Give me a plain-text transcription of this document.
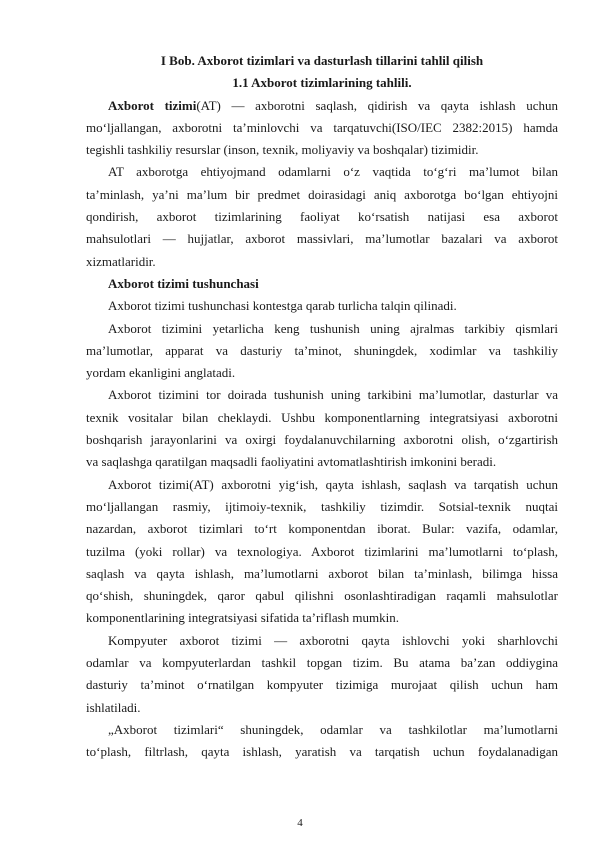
I Bob. Axborot tizimlari va dasturlash tillarini tahlil qilish
1.1 Axborot tizimlarining tahlili.
Axborot tizimi(AT) — axborotni saqlash, qidirish va qayta ishlash uchun
mo‘ljallangan, axborotni ta’minlovchi va tarqatuvchi(ISO/IEC 2382:2015) hamda
tegishli tashkiliy resurslar (inson, texnik, moliyaviy va boshqalar) tizimidir.
AT axborotga ehtiyojmand odamlarni o‘z vaqtida to‘g‘ri ma’lumot bilan
ta’minlash, ya’ni ma’lum bir predmet doirasidagi aniq axborotga bo‘lgan ehtiyojni
qondirish, axborot tizimlarining faoliyat ko‘rsatish natijasi esa axborot
mahsulotlari — hujjatlar, axborot massivlari, ma’lumotlar bazalari va axborot
xizmatlaridir.
Axborot tizimi tushunchasi
Axborot tizimi tushunchasi kontestga qarab turlicha talqin qilinadi.
Axborot tizimini yetarlicha keng tushunish uning ajralmas tarkibiy qismlari
ma’lumotlar, apparat va dasturiy ta’minot, shuningdek, xodimlar va tashkiliy
yordam ekanligini anglatadi.
Axborot tizimini tor doirada tushunish uning tarkibini ma’lumotlar, dasturlar va
texnik vositalar bilan cheklaydi. Ushbu komponentlarning integratsiyasi axborotni
boshqarish jarayonlarini va oxirgi foydalanuvchilarning axborotni olish, o‘zgartirish
va saqlashga qaratilgan maqsadli faoliyatini avtomatlashtirish imkonini beradi.
Axborot tizimi(AT) axborotni yig‘ish, qayta ishlash, saqlash va tarqatish uchun
mo‘ljallangan rasmiy, ijtimoiy-texnik, tashkiliy tizimdir. Sotsial-texnik nuqtai
nazardan, axborot tizimlari to‘rt komponentdan iborat. Bular: vazifa, odamlar,
tuzilma (yoki rollar) va texnologiya. Axborot tizimlarini ma’lumotlarni to‘plash,
saqlash va qayta ishlash, ma’lumotlarni axborot bilan ta’minlash, bilimga hissa
qo‘shish, shuningdek, qaror qabul qilishni osonlashtiradigan raqamli mahsulotlar
komponentlarining integratsiyasi sifatida ta’riflash mumkin.
Kompyuter axborot tizimi — axborotni qayta ishlovchi yoki sharhlovchi
odamlar va kompyuterlardan tashkil topgan tizim. Bu atama ba’zan oddiygina
dasturiy ta’minot o‘rnatilgan kompyuter tizimiga murojaat qilish uchun ham
ishlatiladi.
„Axborot tizimlari“ shuningdek, odamlar va tashkilotlar ma’lumotlarni
to‘plash, filtrlash, qayta ishlash, yaratish va tarqatish uchun foydalanadigan
4
